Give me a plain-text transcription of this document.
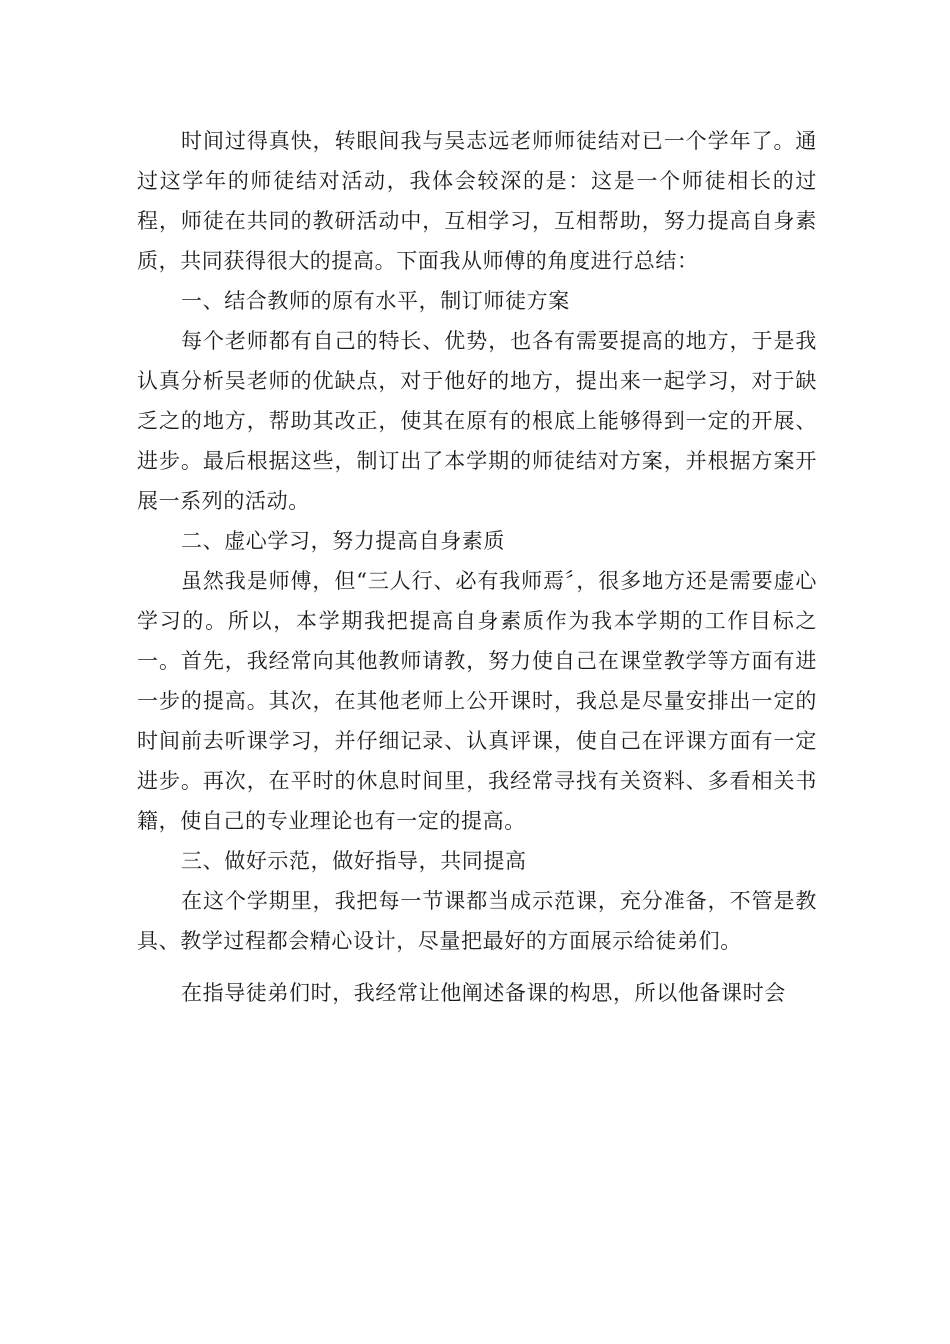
时间过得真快，转眼间我与吴志远老师师徒结对已一个学年了。通过这学年的师徒结对活动，我体会较深的是：这是一个师徒相长的过程，师徒在共同的教研活动中，互相学习，互相帮助，努力提高自身素质，共同获得很大的提高。下面我从师傅的角度进行总结：

一、结合教师的原有水平，制订师徒方案

每个老师都有自己的特长、优势，也各有需要提高的地方，于是我认真分析吴老师的优缺点，对于他好的地方，提出来一起学习，对于缺乏之的地方，帮助其改正，使其在原有的根底上能够得到一定的开展、进步。最后根据这些，制订出了本学期的师徒结对方案，并根据方案开展一系列的活动。

二、虚心学习，努力提高自身素质

虽然我是师傅，但“三人行、必有我师焉〞，很多地方还是需要虚心学习的。所以，本学期我把提高自身素质作为我本学期的工作目标之一。首先，我经常向其他教师请教，努力使自己在课堂教学等方面有进一步的提高。其次，在其他老师上公开课时，我总是尽量安排出一定的时间前去听课学习，并仔细记录、认真评课，使自己在评课方面有一定进步。再次，在平时的休息时间里，我经常寻找有关资料、多看相关书籍，使自己的专业理论也有一定的提高。

三、做好示范，做好指导，共同提高

在这个学期里，我把每一节课都当成示范课，充分准备，不管是教具、教学过程都会精心设计，尽量把最好的方面展示给徒弟们。

在指导徒弟们时，我经常让他阐述备课的构思，所以他备课时会
